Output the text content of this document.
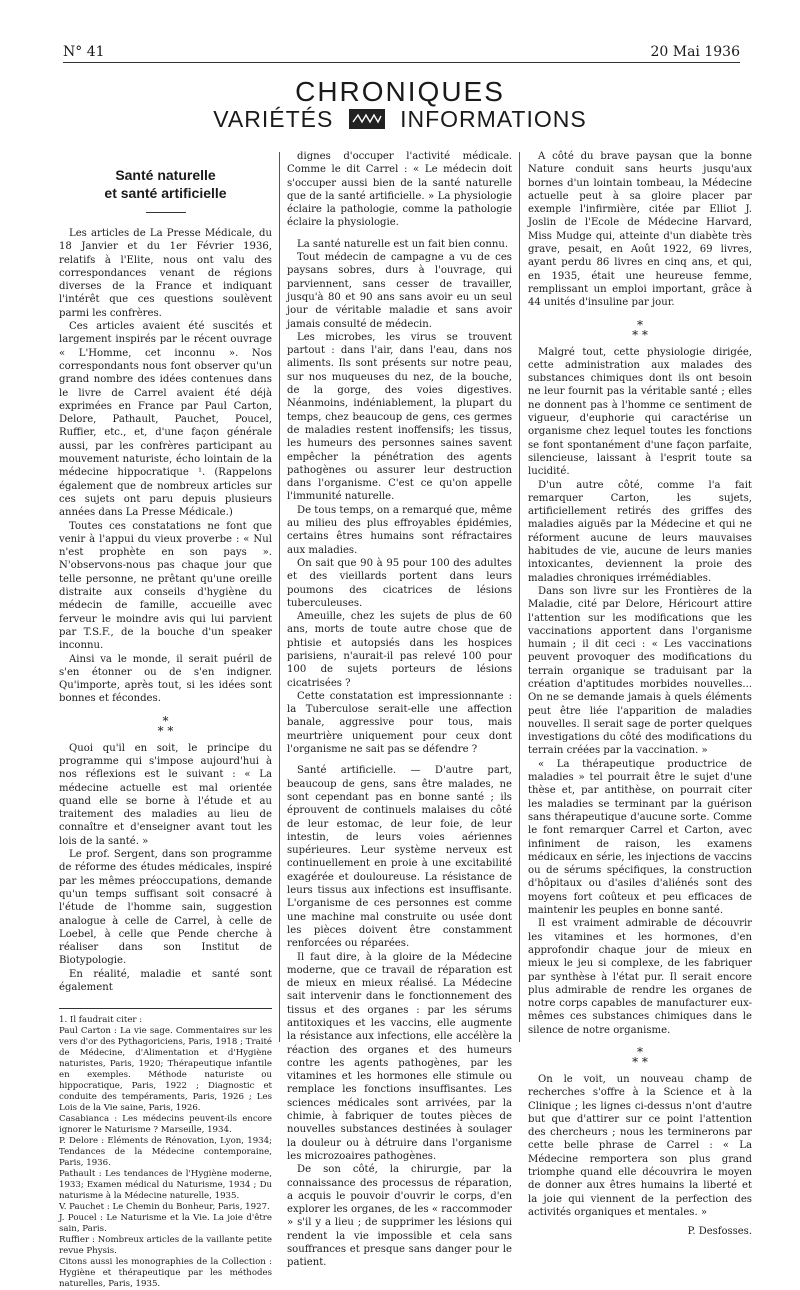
N° 41	20 Mai 1936
CHRONIQUES
VARIÉTÉS	INFORMATIONS
Santé naturelle
et santé artificielle

Les articles de La Presse Médicale, du 18 Janvier et du 1er Février 1936, relatifs à l'Elite, nous ont valu des correspondances venant de régions diverses de la France et indiquant l'intérêt que ces questions soulèvent parmi les confrères.

Ces articles avaient été suscités et largement inspirés par le récent ouvrage « L'Homme, cet inconnu ». Nos correspondants nous font observer qu'un grand nombre des idées contenues dans le livre de Carrel avaient été déjà exprimées en France par Paul Carton, Delore, Pathault, Pauchet, Poucel, Ruffier, etc., et, d'une façon générale aussi, par les confrères participant au mouvement naturiste, écho lointain de la médecine hippocratique ¹. (Rappelons également que de nombreux articles sur ces sujets ont paru depuis plusieurs années dans La Presse Médicale.)

Toutes ces constatations ne font que venir à l'appui du vieux proverbe : « Nul n'est prophète en son pays ». N'observons-nous pas chaque jour que telle personne, ne prêtant qu'une oreille distraite aux conseils d'hygiène du médecin de famille, accueille avec ferveur le moindre avis qui lui parvient par T.S.F., de la bouche d'un speaker inconnu.

Ainsi va le monde, il serait puéril de s'en étonner ou de s'en indigner. Qu'importe, après tout, si les idées sont bonnes et fécondes.

*
* *

Quoi qu'il en soit, le principe du programme qui s'impose aujourd'hui à nos réflexions est le suivant : « La médecine actuelle est mal orientée quand elle se borne à l'étude et au traitement des maladies au lieu de connaître et d'enseigner avant tout les lois de la santé. »

Le prof. Sergent, dans son programme de réforme des études médicales, inspiré par les mêmes préoccupations, demande qu'un temps suffisant soit consacré à l'étude de l'homme sain, suggestion analogue à celle de Carrel, à celle de Loebel, à celle que Pende cherche à réaliser dans son Institut de Biotypologie.

En réalité, maladie et santé sont également

1. Il faudrait citer :

Paul Carton : La vie sage. Commentaires sur les vers d'or des Pythagoriciens, Paris, 1918 ; Traité de Médecine, d'Alimentation et d'Hygiène naturistes, Paris, 1920; Thérapeutique infantile en exemples. Méthode naturiste ou hippocratique, Paris, 1922 ; Diagnostic et conduite des tempéraments, Paris, 1926 ; Les Lois de la Vie saine, Paris, 1926.

Casabianca : Les médecins peuvent-ils encore ignorer le Naturisme ? Marseille, 1934.

P. Delore : Eléments de Rénovation, Lyon, 1934; Tendances de la Médecine contemporaine, Paris, 1936.

Pathault : Les tendances de l'Hygiène moderne, 1933; Examen médical du Naturisme, 1934 ; Du naturisme à la Médecine naturelle, 1935.

V. Pauchet : Le Chemin du Bonheur, Paris, 1927.

J. Poucel : Le Naturisme et la Vie. La joie d'être sain, Paris.

Ruffier : Nombreux articles de la vaillante petite revue Physis.

Citons aussi les monographies de la Collection : Hygiène et thérapeutique par les méthodes naturelles, Paris, 1935.

dignes d'occuper l'activité médicale. Comme le dit Carrel : « Le médecin doit s'occuper aussi bien de la santé naturelle que de la santé artificielle. » La physiologie éclaire la pathologie, comme la pathologie éclaire la physiologie.

La santé naturelle est un fait bien connu.

Tout médecin de campagne a vu de ces paysans sobres, durs à l'ouvrage, qui parviennent, sans cesser de travailler, jusqu'à 80 et 90 ans sans avoir eu un seul jour de véritable maladie et sans avoir jamais consulté de médecin.

Les microbes, les virus se trouvent partout : dans l'air, dans l'eau, dans nos aliments. Ils sont présents sur notre peau, sur nos muqueuses du nez, de la bouche, de la gorge, des voies digestives. Néanmoins, indéniablement, la plupart du temps, chez beaucoup de gens, ces germes de maladies restent inoffensifs; les tissus, les humeurs des personnes saines savent empêcher la pénétration des agents pathogènes ou assurer leur destruction dans l'organisme. C'est ce qu'on appelle l'immunité naturelle.

De tous temps, on a remarqué que, même au milieu des plus effroyables épidémies, certains êtres humains sont réfractaires aux maladies.

On sait que 90 à 95 pour 100 des adultes et des vieillards portent dans leurs poumons des cicatrices de lésions tuberculeuses.

Ameuille, chez les sujets de plus de 60 ans, morts de toute autre chose que de phtisie et autopsiés dans les hospices parisiens, n'aurait-il pas relevé 100 pour 100 de sujets porteurs de lésions cicatrisées ?

Cette constatation est impressionnante : la Tuberculose serait-elle une affection banale, aggressive pour tous, mais meurtrière uniquement pour ceux dont l'organisme ne sait pas se défendre ?

Santé artificielle. — D'autre part, beaucoup de gens, sans être malades, ne sont cependant pas en bonne santé ; ils éprouvent de continuels malaises du côté de leur estomac, de leur foie, de leur intestin, de leurs voies aériennes supérieures. Leur système nerveux est continuellement en proie à une excitabilité exagérée et douloureuse. La résistance de leurs tissus aux infections est insuffisante. L'organisme de ces personnes est comme une machine mal construite ou usée dont les pièces doivent être constamment renforcées ou réparées.

Il faut dire, à la gloire de la Médecine moderne, que ce travail de réparation est de mieux en mieux réalisé. La Médecine sait intervenir dans le fonctionnement des tissus et des organes : par les sérums antitoxiques et les vaccins, elle augmente la résistance aux infections, elle accélère la réaction des organes et des humeurs contre les agents pathogènes, par les vitamines et les hormones elle stimule ou remplace les fonctions insuffisantes. Les sciences médicales sont arrivées, par la chimie, à fabriquer de toutes pièces de nouvelles substances destinées à soulager la douleur ou à détruire dans l'organisme les microzoaires pathogènes.

De son côté, la chirurgie, par la connaissance des processus de réparation, a acquis le pouvoir d'ouvrir le corps, d'en explorer les organes, de les « raccommoder » s'il y a lieu ; de supprimer les lésions qui rendent la vie impossible et cela sans souffrances et presque sans danger pour le patient.

A côté du brave paysan que la bonne Nature conduit sans heurts jusqu'aux bornes d'un lointain tombeau, la Médecine actuelle peut à sa gloire placer par exemple l'infirmière, citée par Elliot J. Joslin de l'Ecole de Médecine Harvard, Miss Mudge qui, atteinte d'un diabète très grave, pesait, en Août 1922, 69 livres, ayant perdu 86 livres en cinq ans, et qui, en 1935, était une heureuse femme, remplissant un emploi important, grâce à 44 unités d'insuline par jour.

*
* *

Malgré tout, cette physiologie dirigée, cette administration aux malades des substances chimiques dont ils ont besoin ne leur fournit pas la véritable santé ; elles ne donnent pas à l'homme ce sentiment de vigueur, d'euphorie qui caractérise un organisme chez lequel toutes les fonctions se font spontanément d'une façon parfaite, silencieuse, laissant à l'esprit toute sa lucidité.

D'un autre côté, comme l'a fait remarquer Carton, les sujets, artificiellement retirés des griffes des maladies aiguës par la Médecine et qui ne réforment aucune de leurs mauvaises habitudes de vie, aucune de leurs manies intoxicantes, deviennent la proie des maladies chroniques irrémédiables.

Dans son livre sur les Frontières de la Maladie, cité par Delore, Héricourt attire l'attention sur les modifications que les vaccinations apportent dans l'organisme humain ; il dit ceci : « Les vaccinations peuvent provoquer des modifications du terrain organique se traduisant par la création d'aptitudes morbides nouvelles... On ne se demande jamais à quels éléments peut être liée l'apparition de maladies nouvelles. Il serait sage de porter quelques investigations du côté des modifications du terrain créées par la vaccination. »

« La thérapeutique productrice de maladies » tel pourrait être le sujet d'une thèse et, par antithèse, on pourrait citer les maladies se terminant par la guérison sans thérapeutique d'aucune sorte. Comme le font remarquer Carrel et Carton, avec infiniment de raison, les examens médicaux en série, les injections de vaccins ou de sérums spécifiques, la construction d'hôpitaux ou d'asiles d'aliénés sont des moyens fort coûteux et peu efficaces de maintenir les peuples en bonne santé.

Il est vraiment admirable de découvrir les vitamines et les hormones, d'en approfondir chaque jour de mieux en mieux le jeu si complexe, de les fabriquer par synthèse à l'état pur. Il serait encore plus admirable de rendre les organes de notre corps capables de manufacturer eux-mêmes ces substances chimiques dans le silence de notre organisme.

*
* *

On le voit, un nouveau champ de recherches s'offre à la Science et à la Clinique ; les lignes ci-dessus n'ont d'autre but que d'attirer sur ce point l'attention des chercheurs ; nous les terminerons par cette belle phrase de Carrel : « La Médecine remportera son plus grand triomphe quand elle découvrira le moyen de donner aux êtres humains la liberté et la joie qui viennent de la perfection des activités organiques et mentales. »

P. Desfosses.
